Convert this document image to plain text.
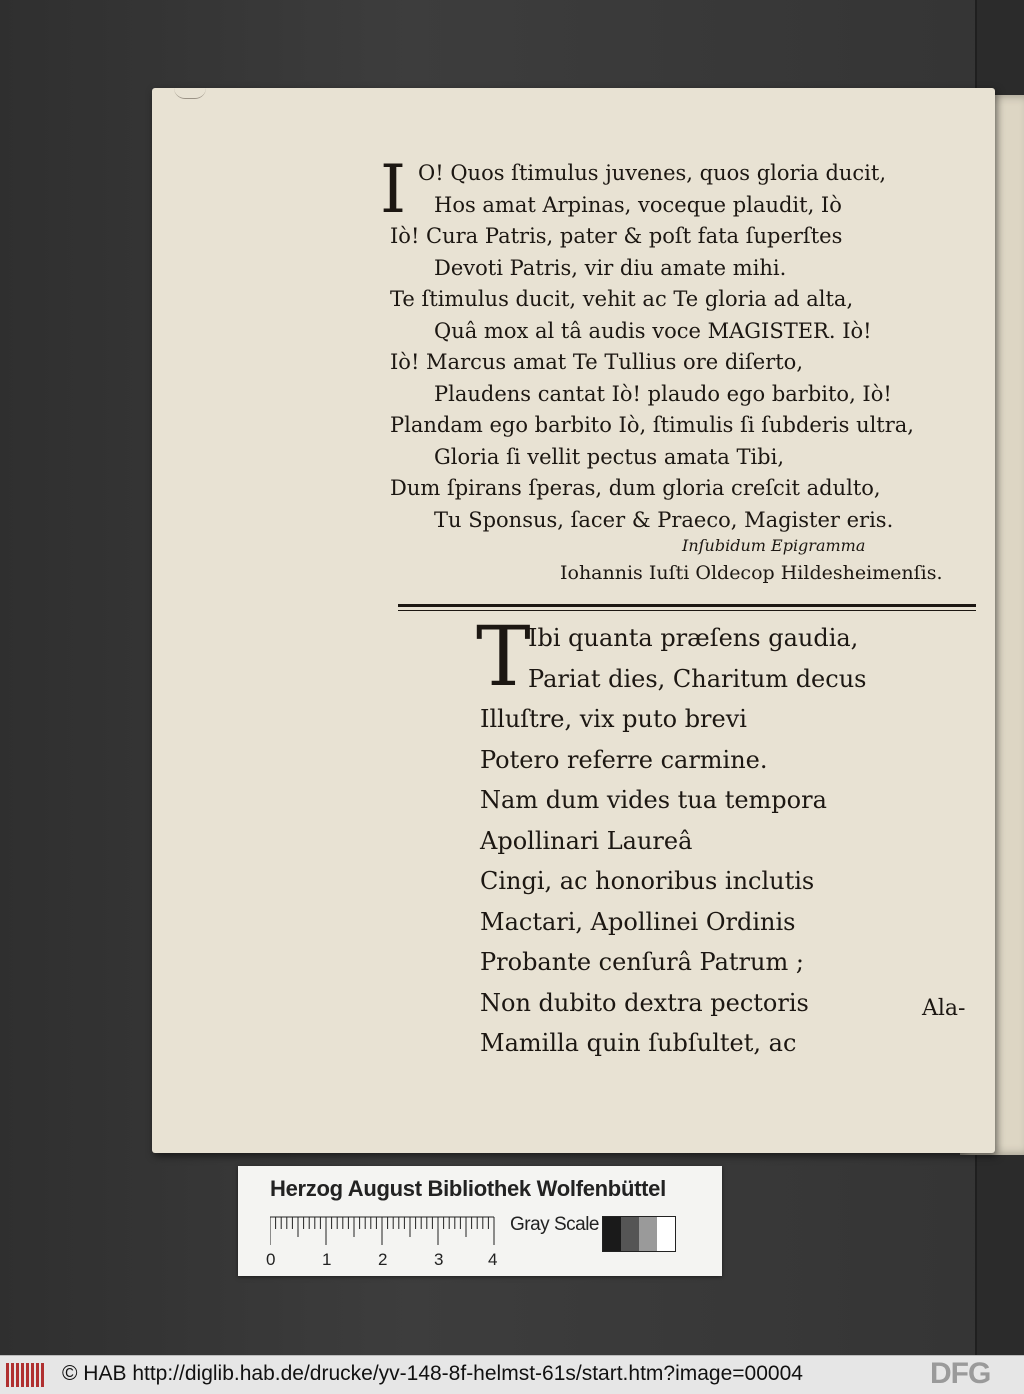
I O! Quos ſtimulus juvenes, quos gloria ducit,
Hos amat Arpinas, voceque plaudit, Iò
Iò! Cura Patris, pater & poſt fata ſuperſtes
Devoti Patris, vir diu amate mihi.
Te ſtimulus ducit, vehit ac Te gloria ad alta,
Quâ mox al tâ audis voce MAGISTER. Iò!
Iò! Marcus amat Te Tullius ore diſerto,
Plaudens cantat Iò! plaudo ego barbito, Iò!
Plandam ego barbito Iò, ſtimulis ſi ſubderis ultra,
Gloria ſi vellit pectus amata Tibi,
Dum ſpirans ſperas, dum gloria creſcit adulto,
Tu Sponsus, ſacer & Praeco, Magister eris.
Inſubidum Epigramma
Iohannis Iuſti Oldecop Hildesheimenſis.
T
Ibi quanta præſens gaudia,
Pariat dies, Charitum decus
Illuſtre, vix puto brevi
Potero referre carmine.
Nam dum vides tua tempora
Apollinari Laureâ
Cingi, ac honoribus inclutis
Mactari, Apollinei Ordinis
Probante cenſurâ Patrum ;
Non dubito dextra pectoris
Mamilla quin ſubſultet, ac
Ala-
Herzog August Bibliothek Wolfenbüttel
0	1	2	3	4
Gray Scale
© HAB http://diglib.hab.de/drucke/yv-148-8f-helmst-61s/start.htm?image=00004	DFG
